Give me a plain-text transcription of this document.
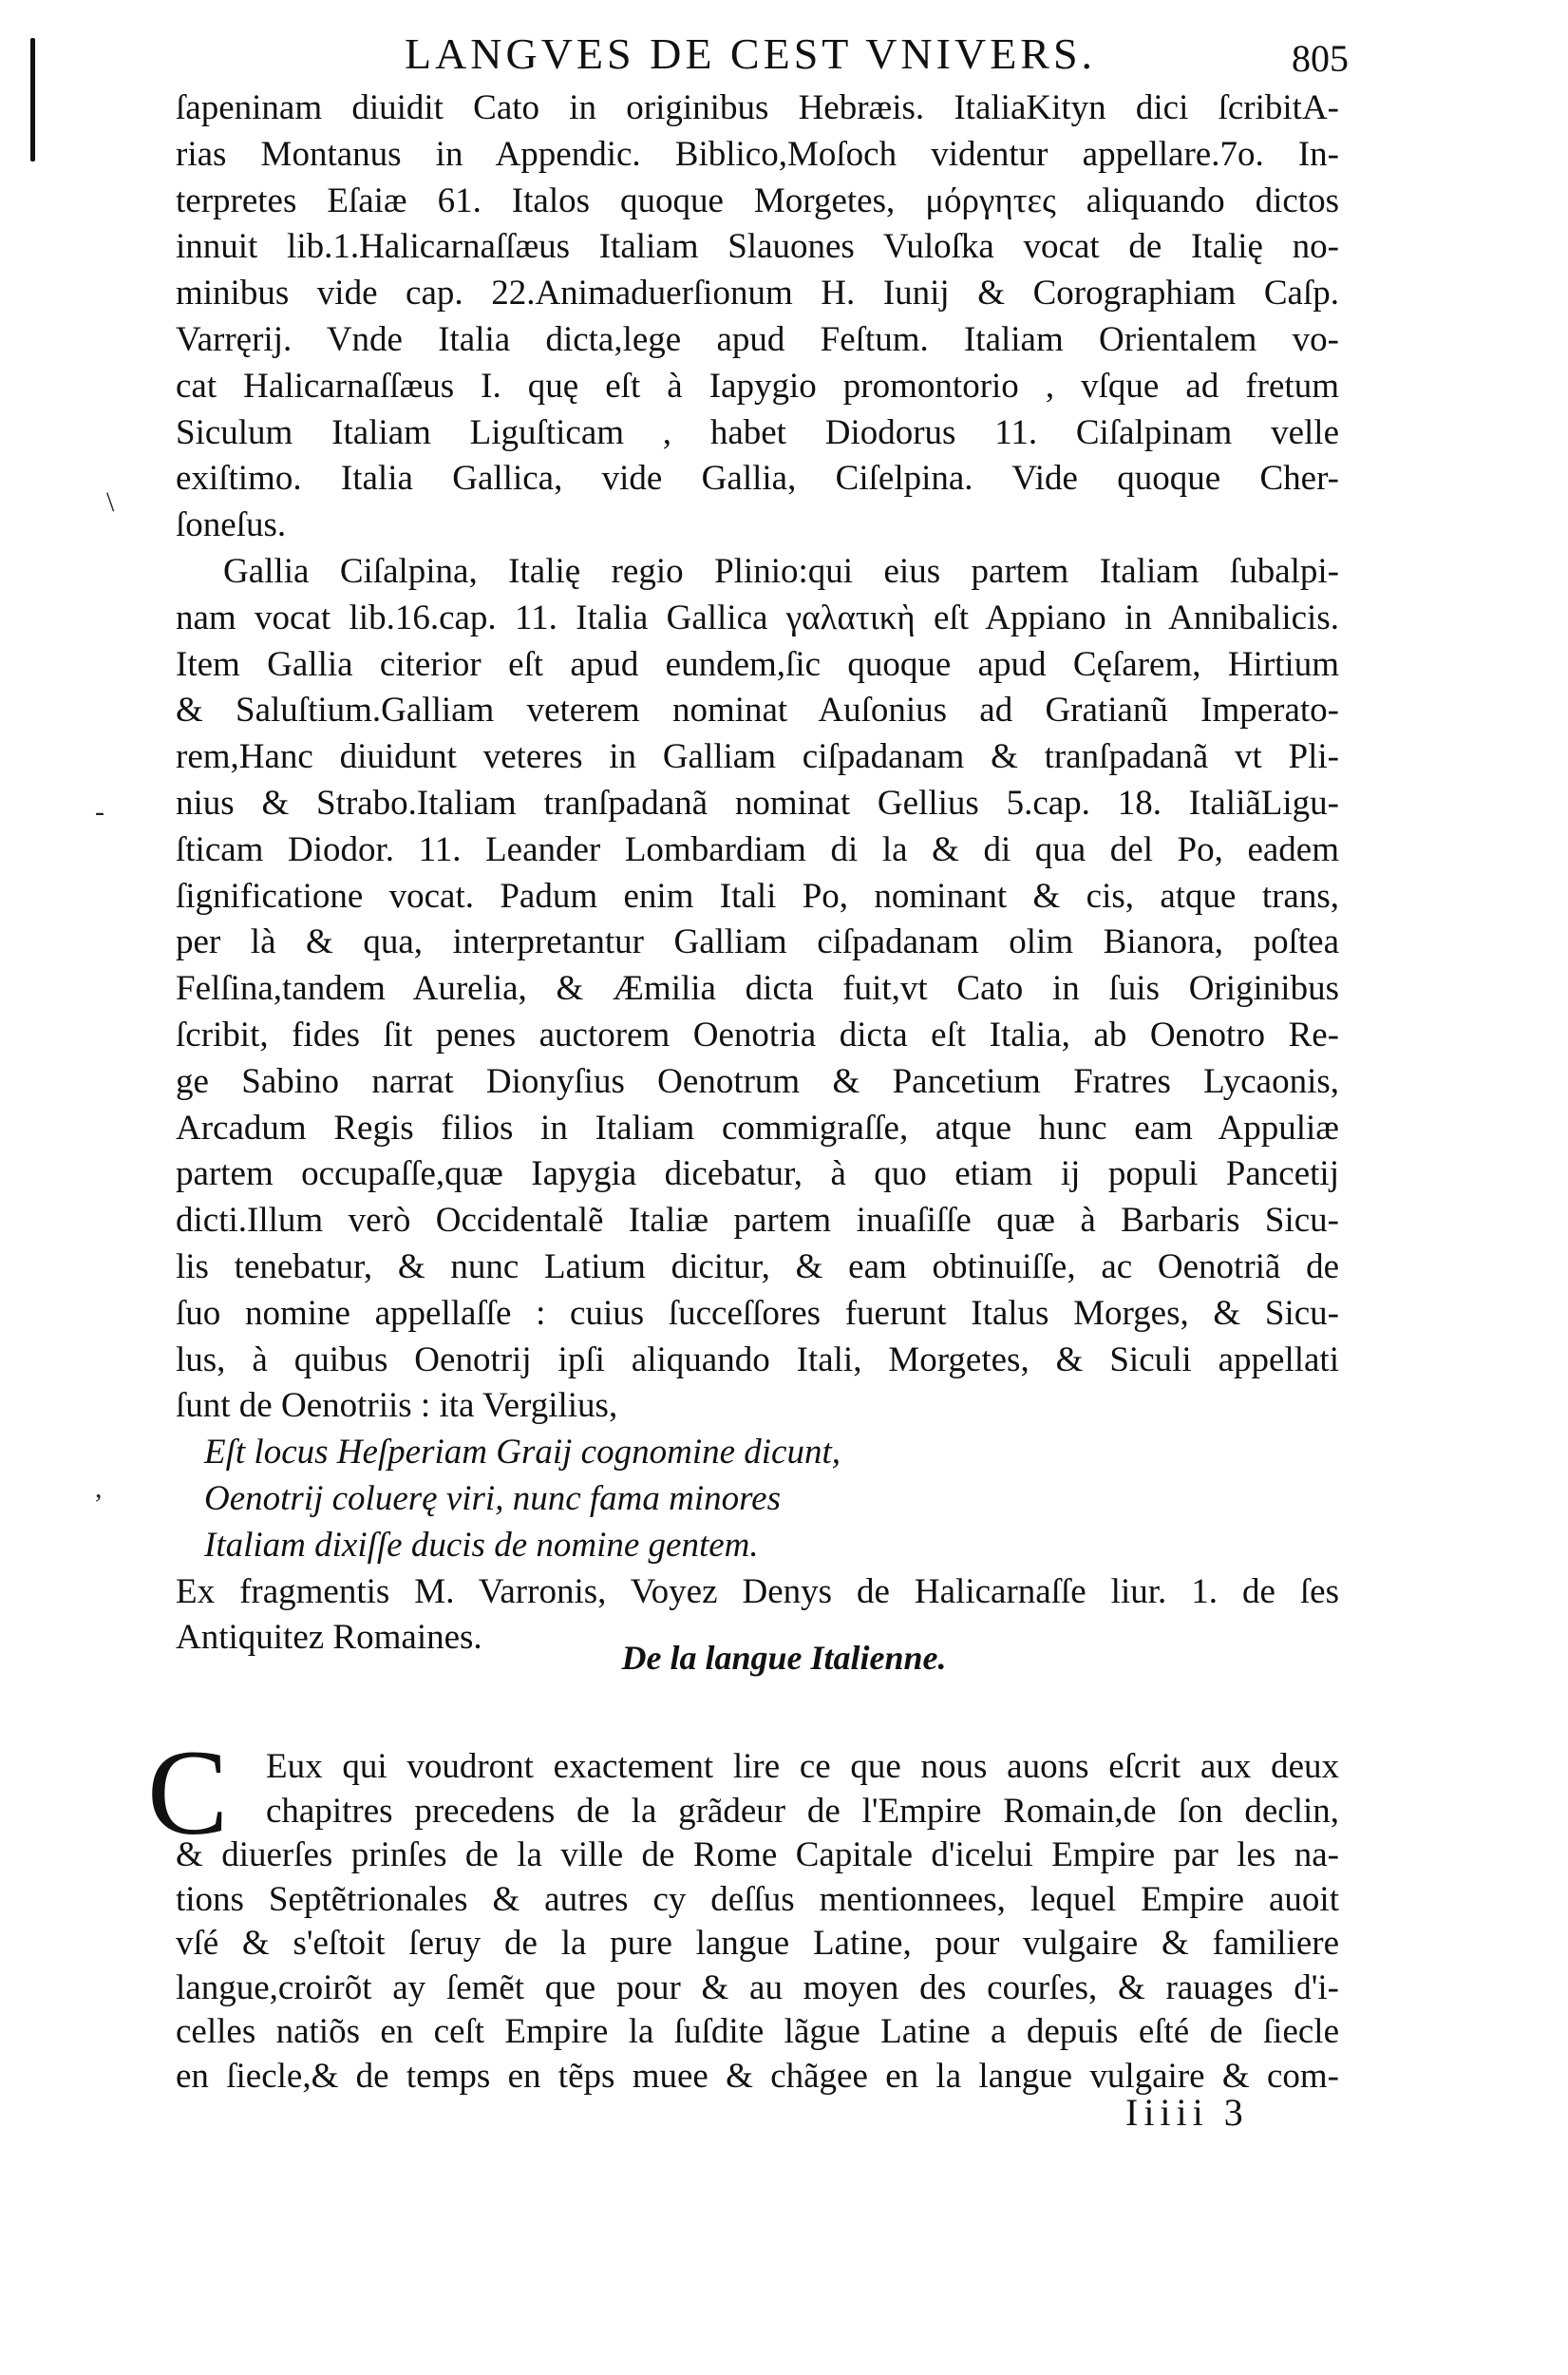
LANGVES DE CEST VNIVERS.	805
ſapeninam diuidit Cato in originibus Hebræis. ItaliaKityn dici ſcribitA-
rias Montanus in Appendic. Biblico,Moſoch videntur appellare.7o. In-
terpretes Eſaiæ 61. Italos quoque Morgetes, μόργητες aliquando dictos
innuit lib.1.Halicarnaſſæus Italiam Slauones Vuloſka vocat de Italię no-
minibus vide cap. 22.Animaduerſionum H. Iunij & Corographiam Caſp.
Varręrij. Vnde Italia dicta,lege apud Feſtum. Italiam Orientalem vo-
cat Halicarnaſſæus I. quę eſt à Iapygio promontorio , vſque ad fretum
Siculum Italiam Liguſticam , habet Diodorus 11. Ciſalpinam velle
exiſtimo. Italia Gallica, vide Gallia, Ciſelpina. Vide quoque Cher-
ſoneſus.
Gallia Ciſalpina, Italię regio Plinio:qui eius partem Italiam ſubalpi-
nam vocat lib.16.cap. 11. Italia Gallica γαλατικὴ eſt Appiano in Annibalicis.
Item Gallia citerior eſt apud eundem,ſic quoque apud Cęſarem, Hirtium
& Saluſtium.Galliam veterem nominat Auſonius ad Gratianũ Imperato-
rem,Hanc diuidunt veteres in Galliam ciſpadanam & tranſpadanã vt Pli-
nius & Strabo.Italiam tranſpadanã nominat Gellius 5.cap. 18. ItaliãLigu-
ſticam Diodor. 11. Leander Lombardiam di la & di qua del Po, eadem
ſignificatione vocat. Padum enim Itali Po, nominant & cis, atque trans,
per là & qua, interpretantur Galliam ciſpadanam olim Bianora, poſtea
Felſina,tandem Aurelia, & Æmilia dicta fuit,vt Cato in ſuis Originibus
ſcribit, fides ſit penes auctorem Oenotria dicta eſt Italia, ab Oenotro Re-
ge Sabino narrat Dionyſius Oenotrum & Pancetium Fratres Lycaonis,
Arcadum Regis filios in Italiam commigraſſe, atque hunc eam Appuliæ
partem occupaſſe,quæ Iapygia dicebatur, à quo etiam ij populi Pancetij
dicti.Illum verò Occidentalẽ Italiæ partem inuaſiſſe quæ à Barbaris Sicu-
lis tenebatur, & nunc Latium dicitur, & eam obtinuiſſe, ac Oenotriã de
ſuo nomine appellaſſe : cuius ſucceſſores fuerunt Italus Morges, & Sicu-
lus, à quibus Oenotrij ipſi aliquando Itali, Morgetes, & Siculi appellati
ſunt de Oenotriis : ita Vergilius,
Eſt locus Heſperiam Graij cognomine dicunt,
Oenotrij coluerę viri, nunc fama minores
Italiam dixiſſe ducis de nomine gentem.
Ex fragmentis M. Varronis, Voyez Denys de Halicarnaſſe liur. 1. de ſes
Antiquitez Romaines.
De la langue Italienne.
C	Eux qui voudront exactement lire ce que nous auons eſcrit aux deux
chapitres precedens de la grãdeur de l'Empire Romain,de ſon declin,
& diuerſes prinſes de la ville de Rome Capitale d'icelui Empire par les na-
tions Septẽtrionales & autres cy deſſus mentionnees, lequel Empire auoit
vſé & s'eſtoit ſeruy de la pure langue Latine, pour vulgaire & familiere
langue,croirõt ay ſemẽt que pour & au moyen des courſes, & rauages d'i-
celles natiõs en ceſt Empire la ſuſdite lãgue Latine a depuis eſté de ſiecle
en ſiecle,& de temps en tẽps muee & chãgee en la langue vulgaire & com-
Iiiii 3
\
-
,
